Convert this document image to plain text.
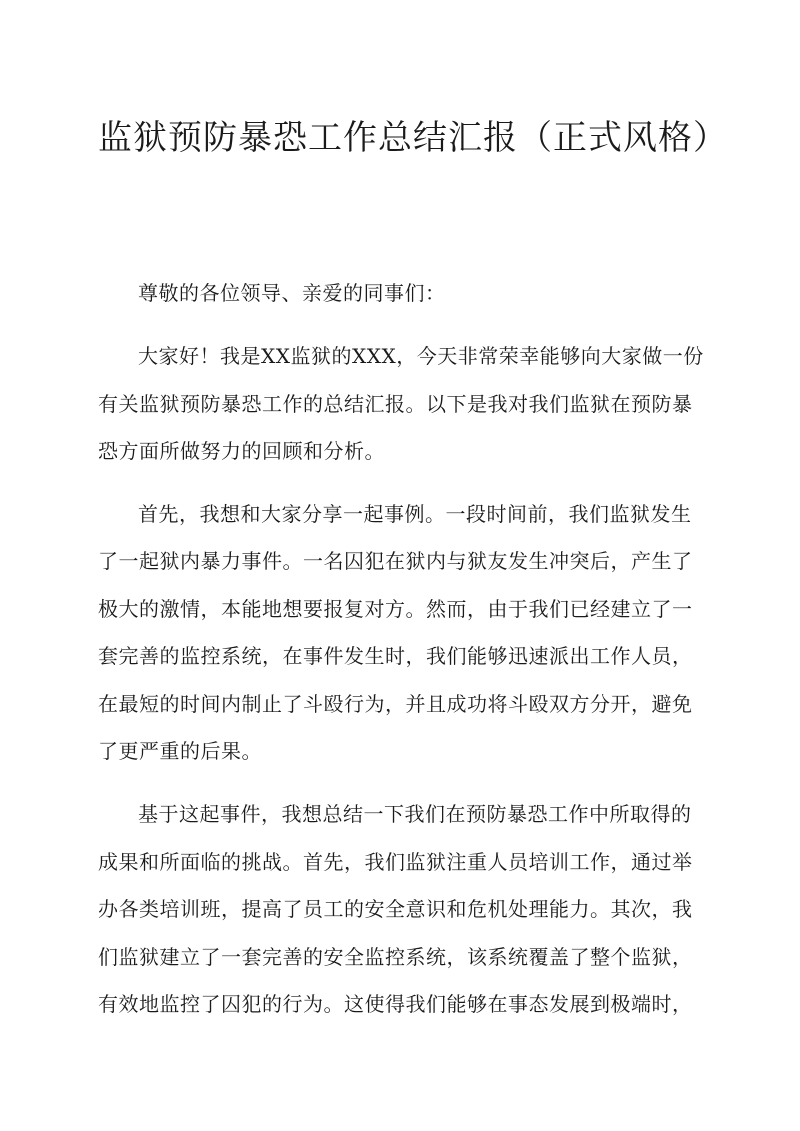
监狱预防暴恐工作总结汇报（正式风格）
尊敬的各位领导、亲爱的同事们：
大家好！我是XX监狱的XXX，今天非常荣幸能够向大家做一份
有关监狱预防暴恐工作的总结汇报。以下是我对我们监狱在预防暴
恐方面所做努力的回顾和分析。
首先，我想和大家分享一起事例。一段时间前，我们监狱发生
了一起狱内暴力事件。一名囚犯在狱内与狱友发生冲突后，产生了
极大的激情，本能地想要报复对方。然而，由于我们已经建立了一
套完善的监控系统，在事件发生时，我们能够迅速派出工作人员，
在最短的时间内制止了斗殴行为，并且成功将斗殴双方分开，避免
了更严重的后果。
基于这起事件，我想总结一下我们在预防暴恐工作中所取得的
成果和所面临的挑战。首先，我们监狱注重人员培训工作，通过举
办各类培训班，提高了员工的安全意识和危机处理能力。其次，我
们监狱建立了一套完善的安全监控系统，该系统覆盖了整个监狱，
有效地监控了囚犯的行为。这使得我们能够在事态发展到极端时，
